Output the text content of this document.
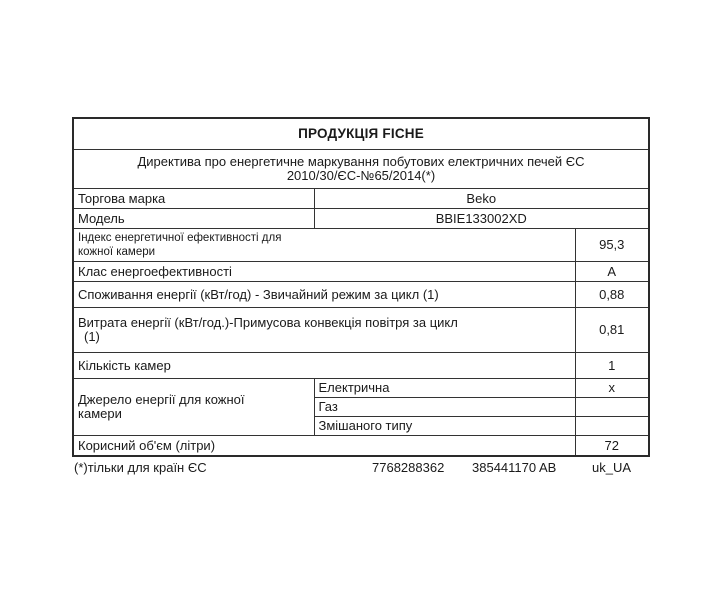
ПРОДУКЦІЯ FICHE		

Директива про енергетичне маркування побутових електричних печей ЄС
2010/30/ЄС-№65/2014(*)		

Торгова марка	Beko	
Модель	BBIE133002XD	

Індекс енергетичної ефективності для
кожної камери		95,3
Клас енергоефективності		A
Споживання енергії (кВт/год) - Звичайний режим за цикл (1)		0,88

Витрата енергії (кВт/год.)-Примусова конвекція повітря за цикл
(1)		0,81
Кількість камер		1

Джерело енергії для кожної
камери	Електрична	x
	Газ	
	Змішаного типу	
Корисний об'єм (літри)		72
(*)тільки для країн ЄС	7768288362 385441170 AB	uk_UA
